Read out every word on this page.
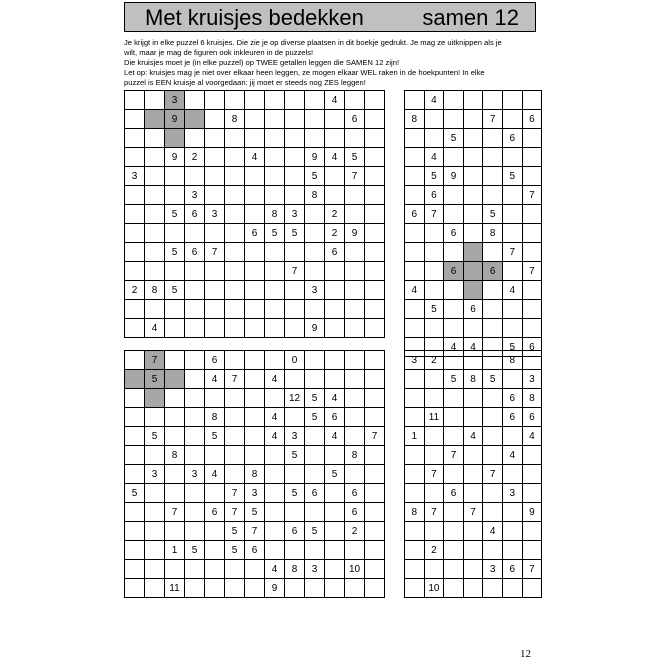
Met kruisjes bedekken	samen 12
Je krijgt in elke puzzel 6 kruisjes. Die zie je op diverse plaatsen in dit boekje gedrukt. Je mag ze uitknippen als je
wilt, maar je mag de figuren ook inkleuren in de puzzels!
Die kruisjes moet je (in elke puzzel) op TWEE getallen leggen die SAMEN 12 zijn!
Let op: kruisjes mag je niet over elkaar heen leggen, ze mogen elkaar WEL raken in de hoekpunten! In elke
puzzel is EEN kruisje al voorgedaan: jij moet er steeds nog ZES leggen!
		3								4		
		9			8						6	

		9	2			4			9	4	5	
3									5		7	
			3						8			
		5	6	3			8	3		2		
						6	5	5		2	9	
		5	6	7						6		
								7				
2	8	5							3			

	4								9			
	4					
8				7		6
		5			6	
	4					
	5	9			5	
	6					7
6	7			5		
		6		8		
					7	
		6		6		7
4					4	
	5		6			

		4	4		5	6
	7			6				0				
	5			4	7		4					
								12	5	4		
				8			4		5	6		
	5			5			4	3		4		7
		8						5			8	
	3		3	4		8				5		
5					7	3		5	6		6	
		7		6	7	5					6	
					5	7		6	5		2	
		1	5		5	6						
							4	8	3		10	
		11					9					
3	2				8	
		5	8	5		3
					6	8
	11				6	6
1			4			4
		7			4	
	7			7		
		6			3	
8	7		7			9
				4		
	2					
				3	6	7
	10					
12
